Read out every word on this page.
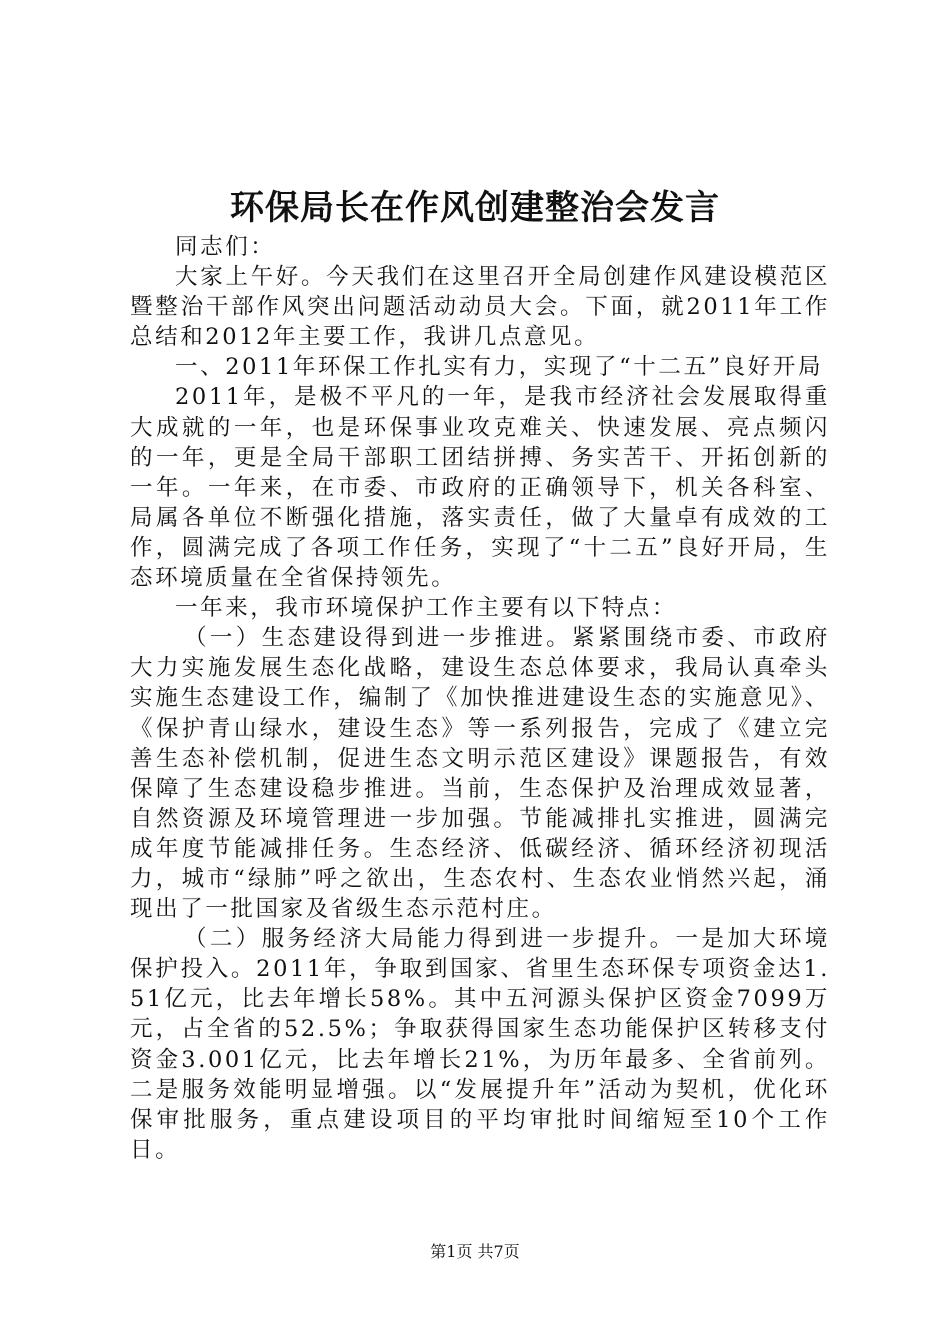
环保局长在作风创建整治会发言

同志们：

大家上午好。今天我们在这里召开全局创建作风建设模范区暨整治干部作风突出问题活动动员大会。下面，就2011年工作总结和2012年主要工作，我讲几点意见。

一、2011年环保工作扎实有力，实现了“十二五”良好开局

2011年，是极不平凡的一年，是我市经济社会发展取得重大成就的一年，也是环保事业攻克难关、快速发展、亮点频闪的一年，更是全局干部职工团结拼搏、务实苦干、开拓创新的一年。一年来，在市委、市政府的正确领导下，机关各科室、局属各单位不断强化措施，落实责任，做了大量卓有成效的工作，圆满完成了各项工作任务，实现了“十二五”良好开局，生态环境质量在全省保持领先。

一年来，我市环境保护工作主要有以下特点：

（一）生态建设得到进一步推进。紧紧围绕市委、市政府大力实施发展生态化战略，建设生态总体要求，我局认真牵头实施生态建设工作，编制了《加快推进建设生态的实施意见》、《保护青山绿水，建设生态》等一系列报告，完成了《建立完善生态补偿机制，促进生态文明示范区建设》课题报告，有效保障了生态建设稳步推进。当前，生态保护及治理成效显著，自然资源及环境管理进一步加强。节能减排扎实推进，圆满完成年度节能减排任务。生态经济、低碳经济、循环经济初现活力，城市“绿肺”呼之欲出，生态农村、生态农业悄然兴起，涌现出了一批国家及省级生态示范村庄。

（二）服务经济大局能力得到进一步提升。一是加大环境保护投入。2011年，争取到国家、省里生态环保专项资金达1.51亿元，比去年增长58%。其中五河源头保护区资金7099万元，占全省的52.5%；争取获得国家生态功能保护区转移支付资金3.001亿元，比去年增长21%，为历年最多、全省前列。二是服务效能明显增强。以“发展提升年”活动为契机，优化环保审批服务，重点建设项目的平均审批时间缩短至10个工作日。

第1页 共7页
